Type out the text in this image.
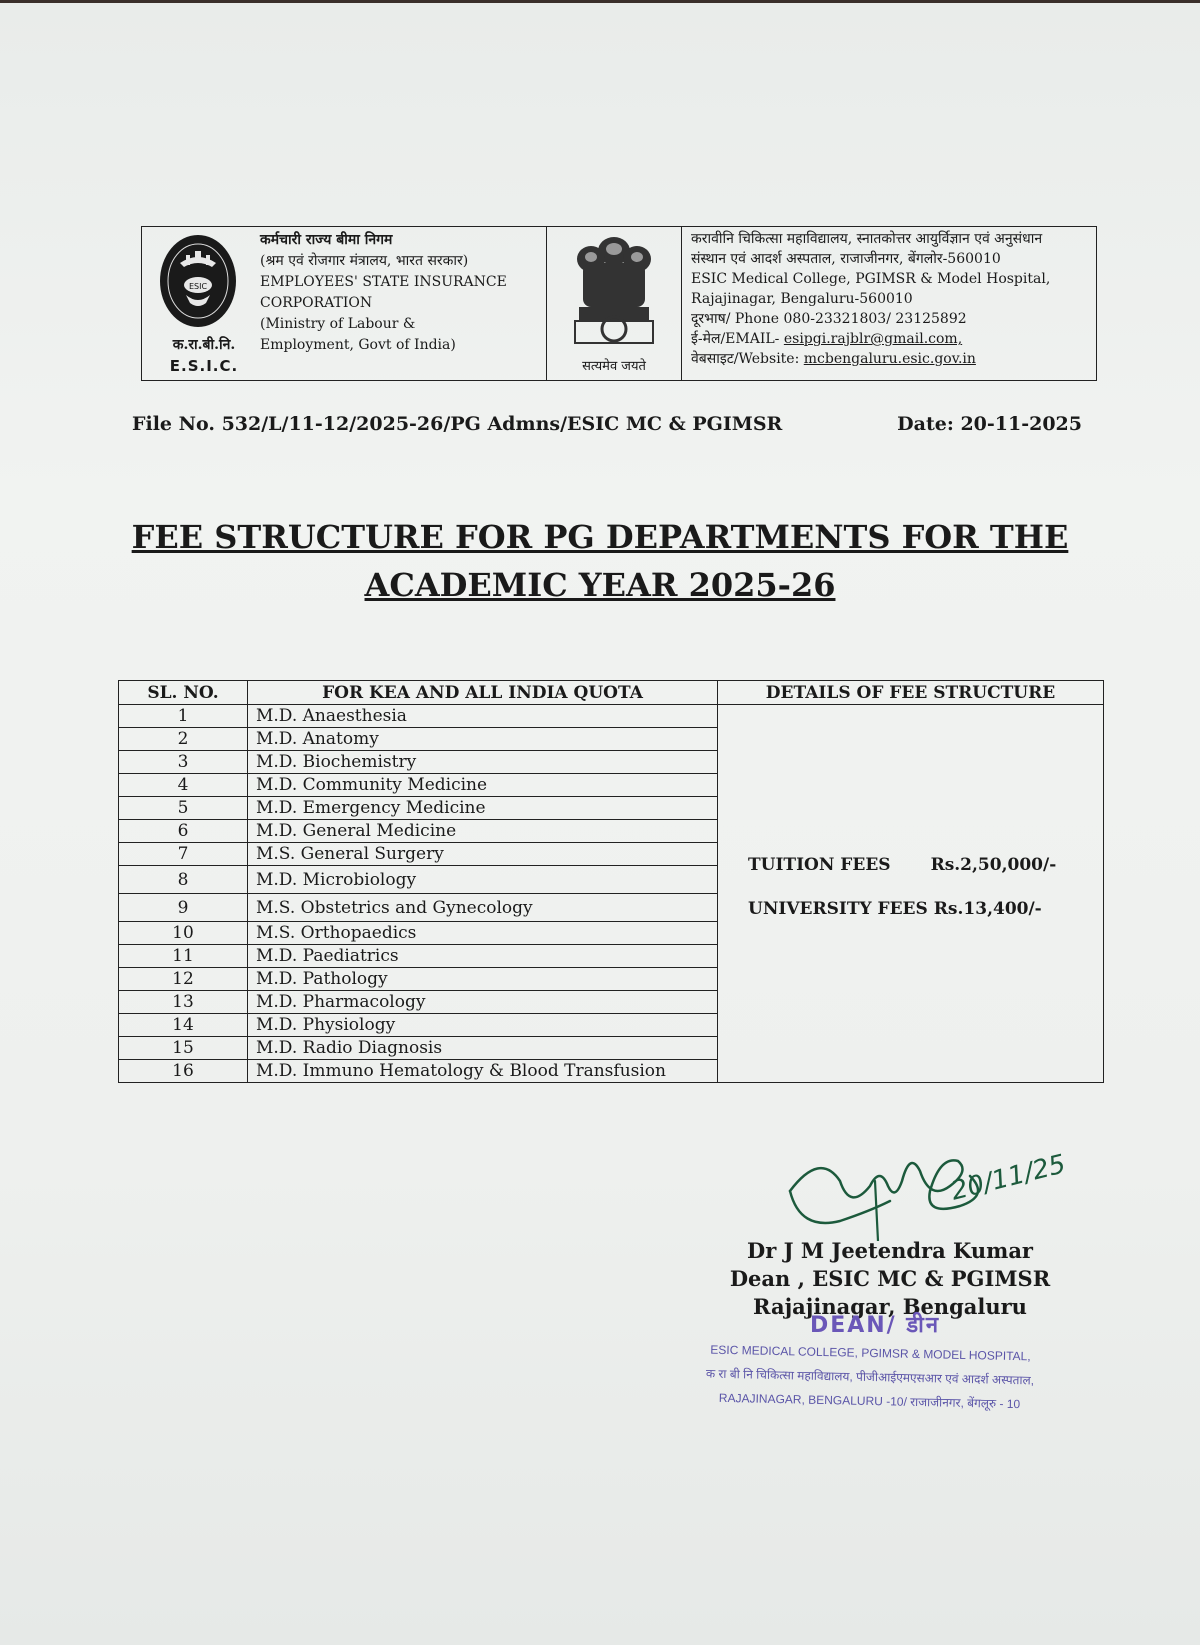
ESIC
क.रा.बी.नि.
E.S.I.C.
कर्मचारी राज्य बीमा निगम
(श्रम एवं रोजगार मंत्रालय, भारत सरकार)
EMPLOYEES' STATE INSURANCE
CORPORATION
(Ministry of Labour &
Employment, Govt of India)
सत्यमेव जयते
करावीनि चिकित्सा महाविद्यालय, स्नातकोत्तर आयुर्विज्ञान एवं अनुसंधान
संस्थान एवं आदर्श अस्पताल, राजाजीनगर, बेंगलोर-560010
ESIC Medical College, PGIMSR & Model Hospital,
Rajajinagar, Bengaluru-560010
दूरभाष/ Phone 080-23321803/ 23125892
ई-मेल/EMAIL- esipgi.rajblr@gmail.com,
वेबसाइट/Website: mcbengaluru.esic.gov.in
File No. 532/L/11-12/2025-26/PG Admns/ESIC MC & PGIMSR	Date: 20-11-2025
FEE STRUCTURE FOR PG DEPARTMENTS FOR THE
ACADEMIC YEAR 2025-26
SL. NO.	FOR KEA AND ALL INDIA QUOTA	DETAILS OF FEE STRUCTURE
1	M.D. Anaesthesia	TUITION FEES Rs.2,50,000/-
UNIVERSITY FEES Rs.13,400/-

2	M.D. Anatomy	
3	M.D. Biochemistry	
4	M.D. Community Medicine	
5	M.D. Emergency Medicine	
6	M.D. General Medicine	
7	M.S. General Surgery	
8	M.D. Microbiology	
9	M.S. Obstetrics and Gynecology	
10	M.S. Orthopaedics	
11	M.D. Paediatrics	
12	M.D. Pathology	
13	M.D. Pharmacology	
14	M.D. Physiology	
15	M.D. Radio Diagnosis	
16	M.D. Immuno Hematology & Blood Transfusion	
20/11/25
Dr J M Jeetendra Kumar
Dean , ESIC MC & PGIMSR
Rajajinagar, Bengaluru
DEAN/ डीन
ESIC MEDICAL COLLEGE, PGIMSR & MODEL HOSPITAL,
क रा बी नि चिकित्सा महाविद्यालय, पीजीआईएमएसआर एवं आदर्श अस्पताल,
RAJAJINAGAR, BENGALURU -10/ राजाजीनगर, बेंगलूरु - 10
